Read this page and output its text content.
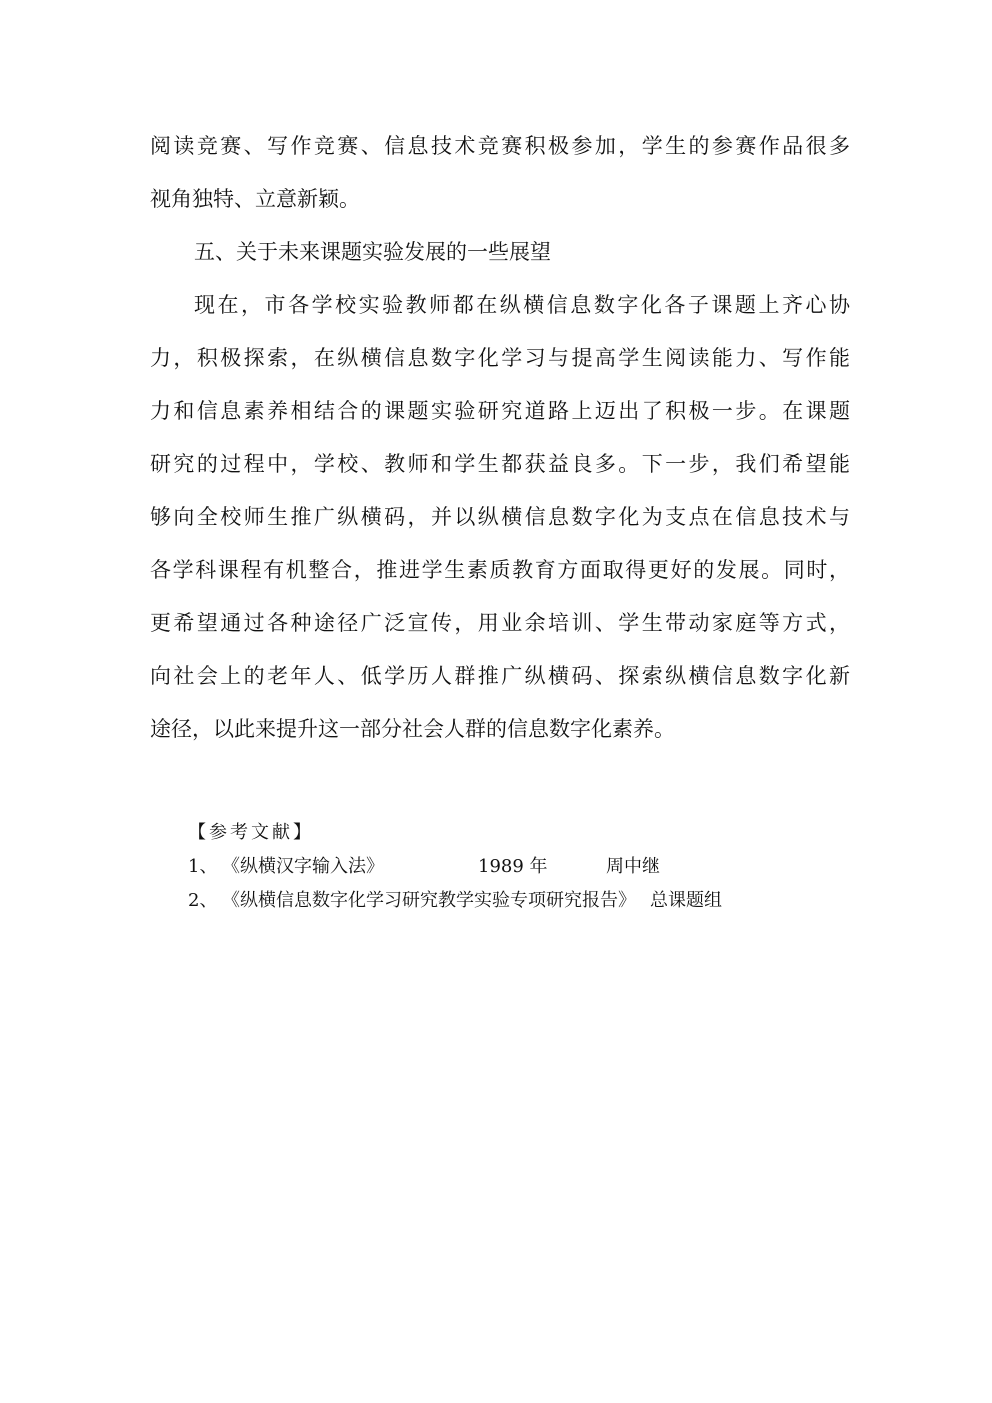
阅读竞赛、写作竞赛、信息技术竞赛积极参加，学生的参赛作品很多
视角独特、立意新颖。
五、关于未来课题实验发展的一些展望
现在，市各学校实验教师都在纵横信息数字化各子课题上齐心协
力，积极探索，在纵横信息数字化学习与提高学生阅读能力、写作能
力和信息素养相结合的课题实验研究道路上迈出了积极一步。在课题
研究的过程中，学校、教师和学生都获益良多。下一步，我们希望能
够向全校师生推广纵横码，并以纵横信息数字化为支点在信息技术与
各学科课程有机整合，推进学生素质教育方面取得更好的发展。同时，
更希望通过各种途径广泛宣传，用业余培训、学生带动家庭等方式，
向社会上的老年人、低学历人群推广纵横码、探索纵横信息数字化新
途径，以此来提升这一部分社会人群的信息数字化素养。
【参考文献】
1、 《纵横汉字输入法》	1989 年	周中继
2、 《纵横信息数字化学习研究教学实验专项研究报告》 总课题组
